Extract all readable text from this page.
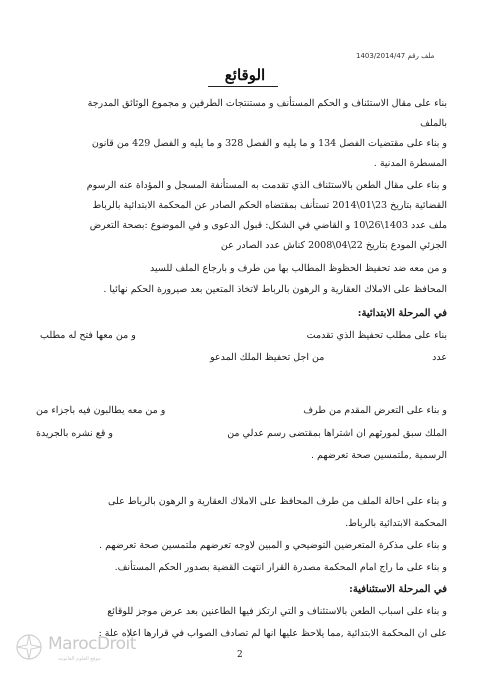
1403/2014/47 ملف رقم
الوقائع
بناء على مقال الاستئناف و الحكم المستأنف و مستنتجات الطرفين و مجموع الوثائق المدرجة
بالملف
و بناء على مقتضيات الفصل 134 و ما يليه و الفصل 328 و ما يليه و الفصل 429 من قانون
المسطرة المدنية .
و بناء على مقال الطعن بالاستئناف الذي تقدمت به المستأنفة المسجل و المؤداة عنه الرسوم
القضائية بتاريخ 23\01\2014 تستأنف بمقتضاه الحكم الصادر عن المحكمة الابتدائية بالرباط
ملف عدد 1403\26\10 و القاضي في الشكل: قبول الدعوى و في الموضوع :بصحة التعرض
الجزئي المودع بتاريخ 22\04\2008 كناش عدد الصادر عن
و من معه ضد تحفيظ الحظوظ المطالب بها من طرف و بارجاع الملف للسيد
المحافظ على الاملاك العقارية و الرهون بالرباط لاتخاذ المتعين بعد صيرورة الحكم نهائيا .
في المرحلة الابتدائية:
بناء على مطلب تحفيظ الذي تقدمت
و من معها فتح له مطلب
عدد
من اجل تحفيظ الملك المدعو
و بناء على التعرض المقدم من طرف
و من معه يطالبون فيه باجزاء من
الملك سبق لمورثهم ان اشتراها بمقتضى رسم عدلي من
و قع نشره بالجريدة
الرسمية ,ملتمسين صحة تعرضهم .
و بناء على احالة الملف من طرف المحافظ على الاملاك العقارية و الرهون بالرباط على
المحكمة الابتدائية بالرباط.
و بناء على مذكرة المتعرضين التوضيحي و المبين لاوجه تعرضهم ملتمسين صحة تعرضهم .
و بناء على ما راج امام المحكمة مصدرة القرار انتهت القضية بصدور الحكم المستأنف.
في المرحلة الاستئنافية:
و بناء على اسباب الطعن بالاستئناف و التي ارتكز فيها الطاعنين بعد عرض موجز للوقائع
على ان المحكمة الابتدائية ,مما يلاحظ عليها انها لم تصادف الصواب في قرارها اعلاه علة :
2
MarocDroit
موقع العلوم القانونية
